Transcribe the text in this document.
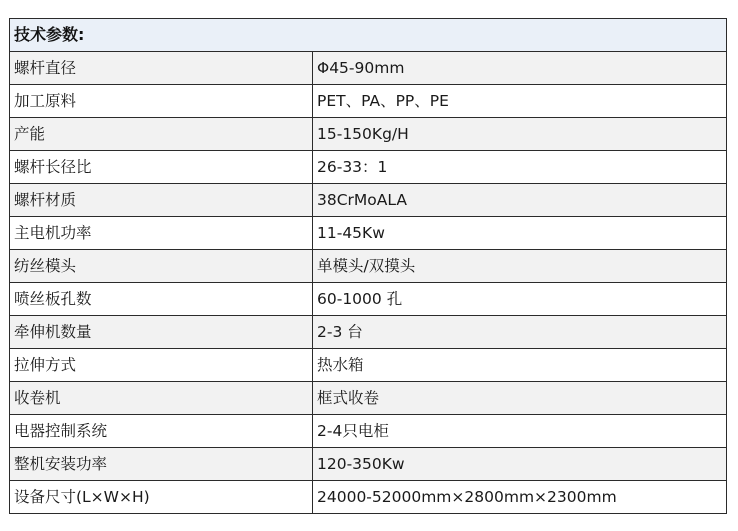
技术参数:	
螺杆直径	Φ45-90mm
加工原料	PET、PA、PP、PE
产能	15-150Kg/H
螺杆长径比	26-33：1
螺杆材质	38CrMoALA
主电机功率	11-45Kw
纺丝模头	单模头/双摸头
喷丝板孔数	60-1000 孔
牵伸机数量	2-3 台
拉伸方式	热水箱
收卷机	框式收卷
电器控制系统	2-4只电柜
整机安装功率	120-350Kw
设备尺寸(L×W×H)	24000-52000mm×2800mm×2300mm
